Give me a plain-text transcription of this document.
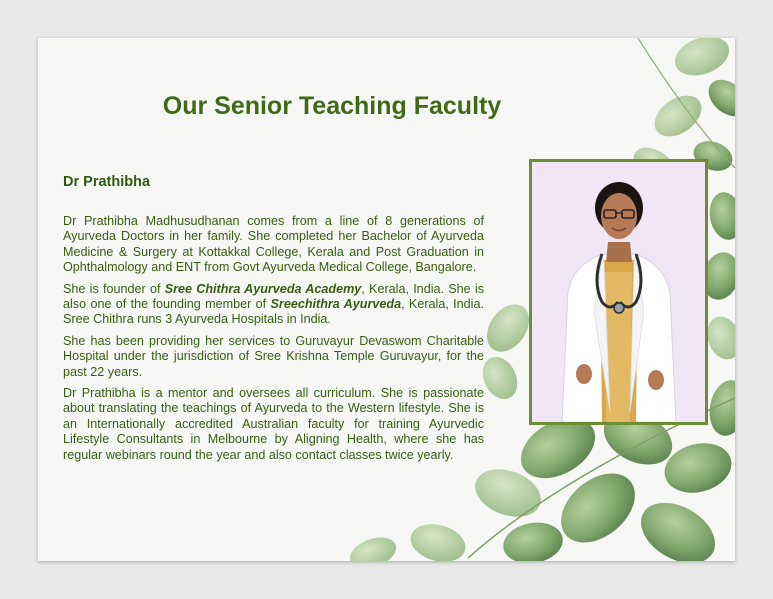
Our Senior Teaching Faculty
Dr Prathibha

Dr Prathibha Madhusudhanan comes from a line of 8 generations of Ayurveda Doctors in her family. She completed her Bachelor of Ayurveda Medicine & Surgery at Kottakkal College, Kerala and Post Graduation in Ophthalmology and ENT from Govt Ayurveda Medical College, Bangalore.

She is founder of Sree Chithra Ayurveda Academy, Kerala, India. She is also one of the founding member of Sreechithra Ayurveda, Kerala, India. Sree Chithra runs 3 Ayurveda Hospitals in India.

She has been providing her services to Guruvayur Devaswom Charitable Hospital under the jurisdiction of Sree Krishna Temple Guruvayur, for the past 22 years.

Dr Prathibha is a mentor and oversees all curriculum. She is passionate about translating the teachings of Ayurveda to the Western lifestyle. She is an Internationally accredited Australian faculty for training Ayurvedic Lifestyle Consultants in Melbourne by Aligning Health, where she has regular webinars round the year and also contact classes twice yearly.
